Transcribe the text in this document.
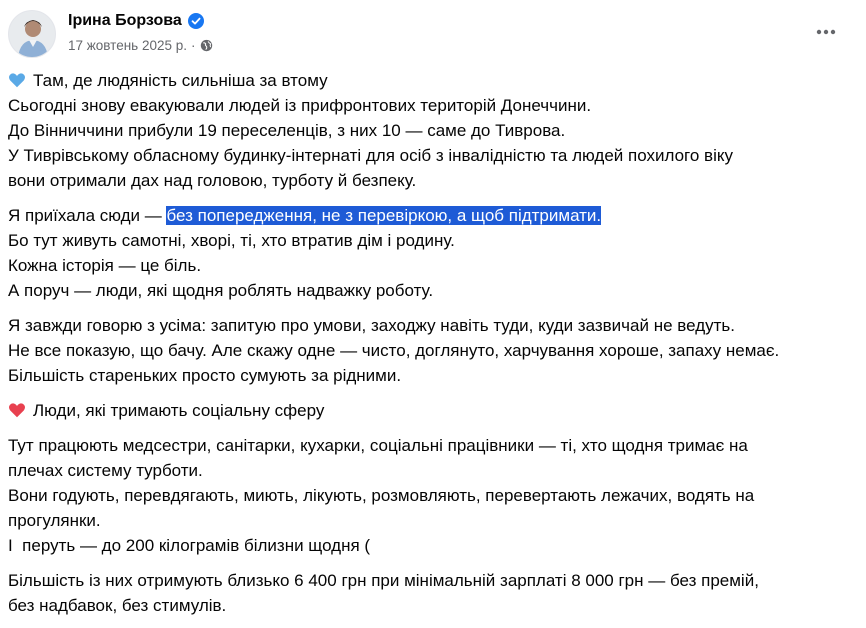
Ірина Борзова
17 жовтень 2025 р. ·
Там, де людяність сильніша за втому
Сьогодні знову евакуювали людей із прифронтових територій Донеччини.
До Вінниччини прибули 19 переселенців, з них 10 — саме до Тиврова.
У Тиврівському обласному будинку-інтернаті для осіб з інвалідністю та людей похилого віку
вони отримали дах над головою, турботу й безпеку.
Я приїхала сюди — без попередження, не з перевіркою, а щоб підтримати.
Бо тут живуть самотні, хворі, ті, хто втратив дім і родину.
Кожна історія — це біль.
А поруч — люди, які щодня роблять надважку роботу.
Я завжди говорю з усіма: запитую про умови, заходжу навіть туди, куди зазвичай не ведуть.
Не все показую, що бачу. Але скажу одне — чисто, доглянуто, харчування хороше, запаху немає.
Більшість стареньких просто сумують за рідними.
Люди, які тримають соціальну сферу
Тут працюють медсестри, санітарки, кухарки, соціальні працівники — ті, хто щодня тримає на
плечах систему турботи.
Вони годують, перевдягають, миють, лікують, розмовляють, перевертають лежачих, водять на
прогулянки.
І  перуть — до 200 кілограмів білизни щодня (
Більшість із них отримують близько 6 400 грн при мінімальній зарплаті 8 000 грн — без премій,
без надбавок, без стимулів.
